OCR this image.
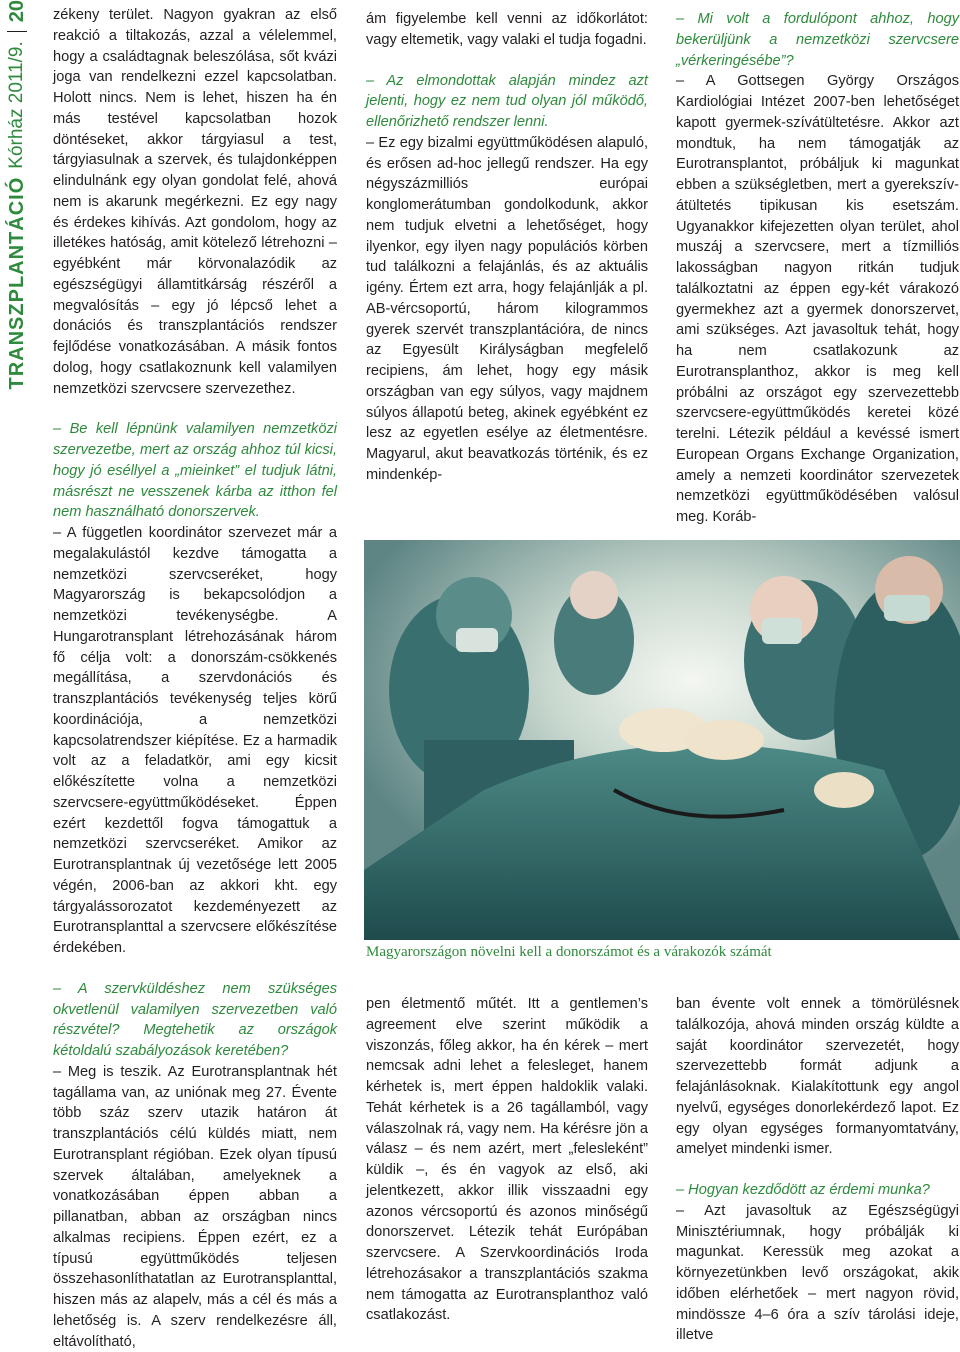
TRANSZPLANTÁCIÓ
Kórház 2011/9.
20 zékeny terület. Nagyon gyakran az első reakció a tiltakozás, azzal a vélelemmel, hogy a családtagnak beleszólása, sőt kvázi joga van rendelkezni ezzel kapcsolatban. Holott nincs. Nem is lehet, hiszen ha én más testével kapcsolatban hozok döntéseket, akkor tárgyiasul a test, tárgyiasulnak a szervek, és tulajdonképpen elindulnánk egy olyan gondolat felé, ahová nem is akarunk megérkezni. Ez egy nagy és érdekes kihívás. Azt gondolom, hogy az illetékes hatóság, amit kötelező létrehozni – egyébként már körvonalazódik az egészségügyi államtitkárság részéről a megvalósítás – egy jó lépcső lehet a donációs és transzplantációs rendszer fejlődése vonatkozásában. A másik fontos dolog, hogy csatlakoznunk kell valamilyen nemzetközi szervcsere szervezethez.

– Be kell lépnünk valamilyen nemzetközi szervezetbe, mert az ország ahhoz túl kicsi, hogy jó eséllyel a „mieinket” el tudjuk látni, másrészt ne vesszenek kárba az itthon fel nem használható donorszervek.

– A független koordinátor szervezet már a megalakulástól kezdve támogatta a nemzetközi szervcseréket, hogy Magyarország is bekapcsolódjon a nemzetközi tevékenységbe. A Hungarotransplant létrehozásának három fő célja volt: a donorszám-csökkenés megállítása, a szervdonációs és transzplantációs tevékenység teljes körű koordinációja, a nemzetközi kapcsolatrendszer kiépítése. Ez a harmadik volt az a feladatkör, ami egy kicsit előkészítette volna a nemzetközi szervcsere-együttműködéseket. Éppen ezért kezdettől fogva támogattuk a nemzetközi szervcseréket. Amikor az Eurotransplantnak új vezetősége lett 2005 végén, 2006-ban az akkori kht. egy tárgyalássorozatot kezdeményezett az Eurotransplanttal a szervcsere előkészítése érdekében.

– A szervküldéshez nem szükséges okvetlenül valamilyen szervezetben való részvétel? Megtehetik az országok kétoldalú szabályozások keretében?

– Meg is teszik. Az Eurotransplantnak hét tagállama van, az uniónak meg 27. Évente több száz szerv utazik határon át transzplantációs célú küldés miatt, nem Eurotransplant régióban. Ezek olyan típusú szervek általában, amelyeknek a vonatkozásában éppen abban a pillanatban, abban az országban nincs alkalmas recipiens. Éppen ezért, ez a típusú együttműködés teljesen összehasonlíthatatlan az Eurotransplanttal, hiszen más az alapelv, más a cél és más a lehetőség is. A szerv rendelkezésre áll, eltávolítható,

ám figyelembe kell venni az időkorlátot: vagy eltemetik, vagy valaki el tudja fogadni.

– Az elmondottak alapján mindez azt jelenti, hogy ez nem tud olyan jól működő, ellenőrizhető rendszer lenni.

– Ez egy bizalmi együttműködésen alapuló, és erősen ad-hoc jellegű rendszer. Ha egy négyszázmilliós európai konglomerátumban gondolkodunk, akkor nem tudjuk elvetni a lehetőséget, hogy ilyenkor, egy ilyen nagy populációs körben tud találkozni a felajánlás, és az aktuális igény. Értem ezt arra, hogy felajánlják a pl. AB-vércsoportú, három kilogrammos gyerek szervét transzplantációra, de nincs az Egyesült Királyságban megfelelő recipiens, ám lehet, hogy egy másik országban van egy súlyos, vagy majdnem súlyos állapotú beteg, akinek egyébként ez lesz az egyetlen esélye az életmentésre. Magyarul, akut beavatkozás történik, és ez mindenkép-

– Mi volt a fordulópont ahhoz, hogy bekerüljünk a nemzetközi szervcsere „vérkeringésébe”?

– A Gottsegen György Országos Kardiológiai Intézet 2007-ben lehetőséget kapott gyermek-szívátültetésre. Akkor azt mondtuk, ha nem támogatják az Eurotransplantot, próbáljuk ki magunkat ebben a szükségletben, mert a gyerekszív-átültetés tipikusan kis esetszám. Ugyanakkor kifejezetten olyan terület, ahol muszáj a szervcsere, mert a tízmilliós lakosságban nagyon ritkán tudjuk találkoztatni az éppen egy-két várakozó gyermekhez azt a gyermek donorszervet, ami szükséges. Azt javasoltuk tehát, hogy ha nem csatlakozunk az Eurotransplanthoz, akkor is meg kell próbálni az országot egy szervezettebb szervcsere-együttműködés keretei közé terelni. Létezik például a kevéssé ismert European Organs Exchange Organization, amely a nemzeti koordinátor szervezetek nemzetközi együttműködésében valósul meg. Koráb-

Magyarországon növelni kell a donorszámot és a várakozók számát

pen életmentő műtét. Itt a gentlemen’s agreement elve szerint működik a viszonzás, főleg akkor, ha én kérek – mert nemcsak adni lehet a felesleget, hanem kérhetek is, mert éppen haldoklik valaki. Tehát kérhetek is a 26 tagállamból, vagy válaszolnak rá, vagy nem. Ha kérésre jön a válasz – és nem azért, mert „felesleként” küldik –, és én vagyok az első, aki jelentkezett, akkor illik visszaadni egy azonos vércsoportú és azonos minőségű donorszervet. Létezik tehát Európában szervcsere. A Szervkoordinációs Iroda létrehozásakor a transzplantációs szakma nem támogatta az Eurotransplanthoz való csatlakozást.

ban évente volt ennek a tömörülésnek találkozója, ahová minden ország küldte a saját koordinátor szervezetét, hogy szervezettebb formát adjunk a felajánlásoknak. Kialakítottunk egy angol nyelvű, egységes donorlekérdező lapot. Ez egy olyan egységes formanyomtatvány, amelyet mindenki ismer.

– Hogyan kezdődött az érdemi munka?

– Azt javasoltuk az Egészségügyi Minisztériumnak, hogy próbálják ki magunkat. Keressük meg azokat a környezetünkben levő országokat, akik időben elérhetőek – mert nagyon rövid, mindössze 4–6 óra a szív tárolási ideje, illetve
